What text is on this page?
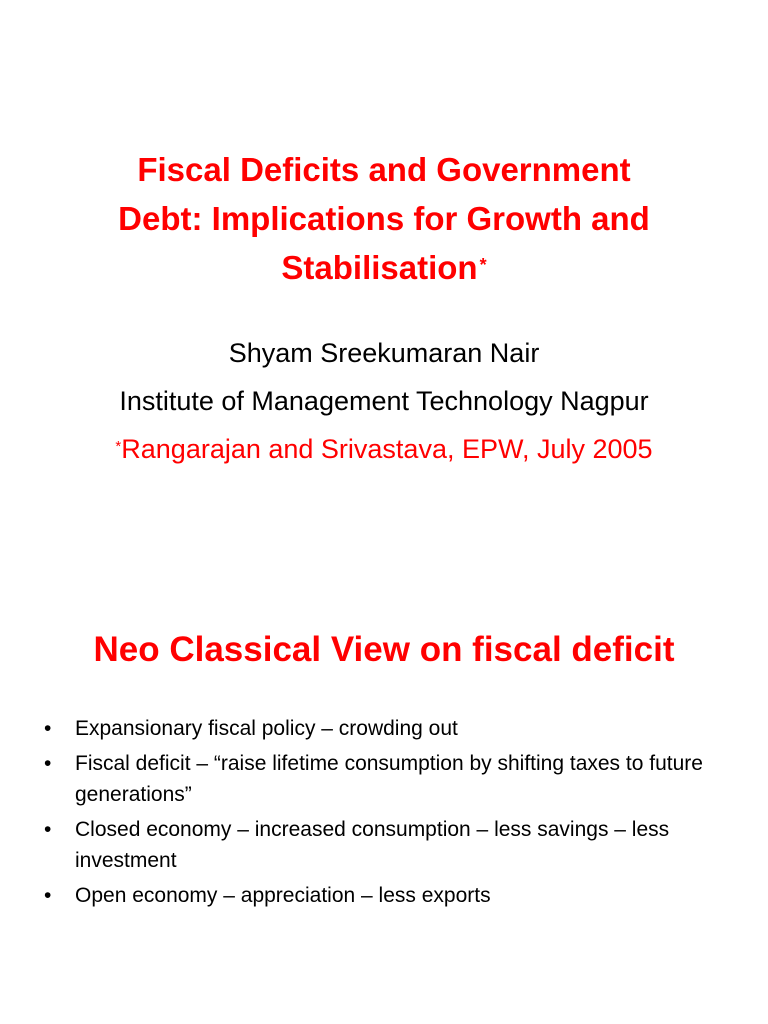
Fiscal Deficits and Government
Debt: Implications for Growth and
Stabilisation *
Shyam Sreekumaran Nair
Institute of Management Technology Nagpur
*Rangarajan and Srivastava, EPW, July 2005
Neo Classical View on fiscal deficit
• Expansionary fiscal policy – crowding out
• Fiscal deficit – “raise lifetime consumption by shifting taxes to future generations”
• Closed economy – increased consumption – less savings – less investment
• Open economy – appreciation – less exports
